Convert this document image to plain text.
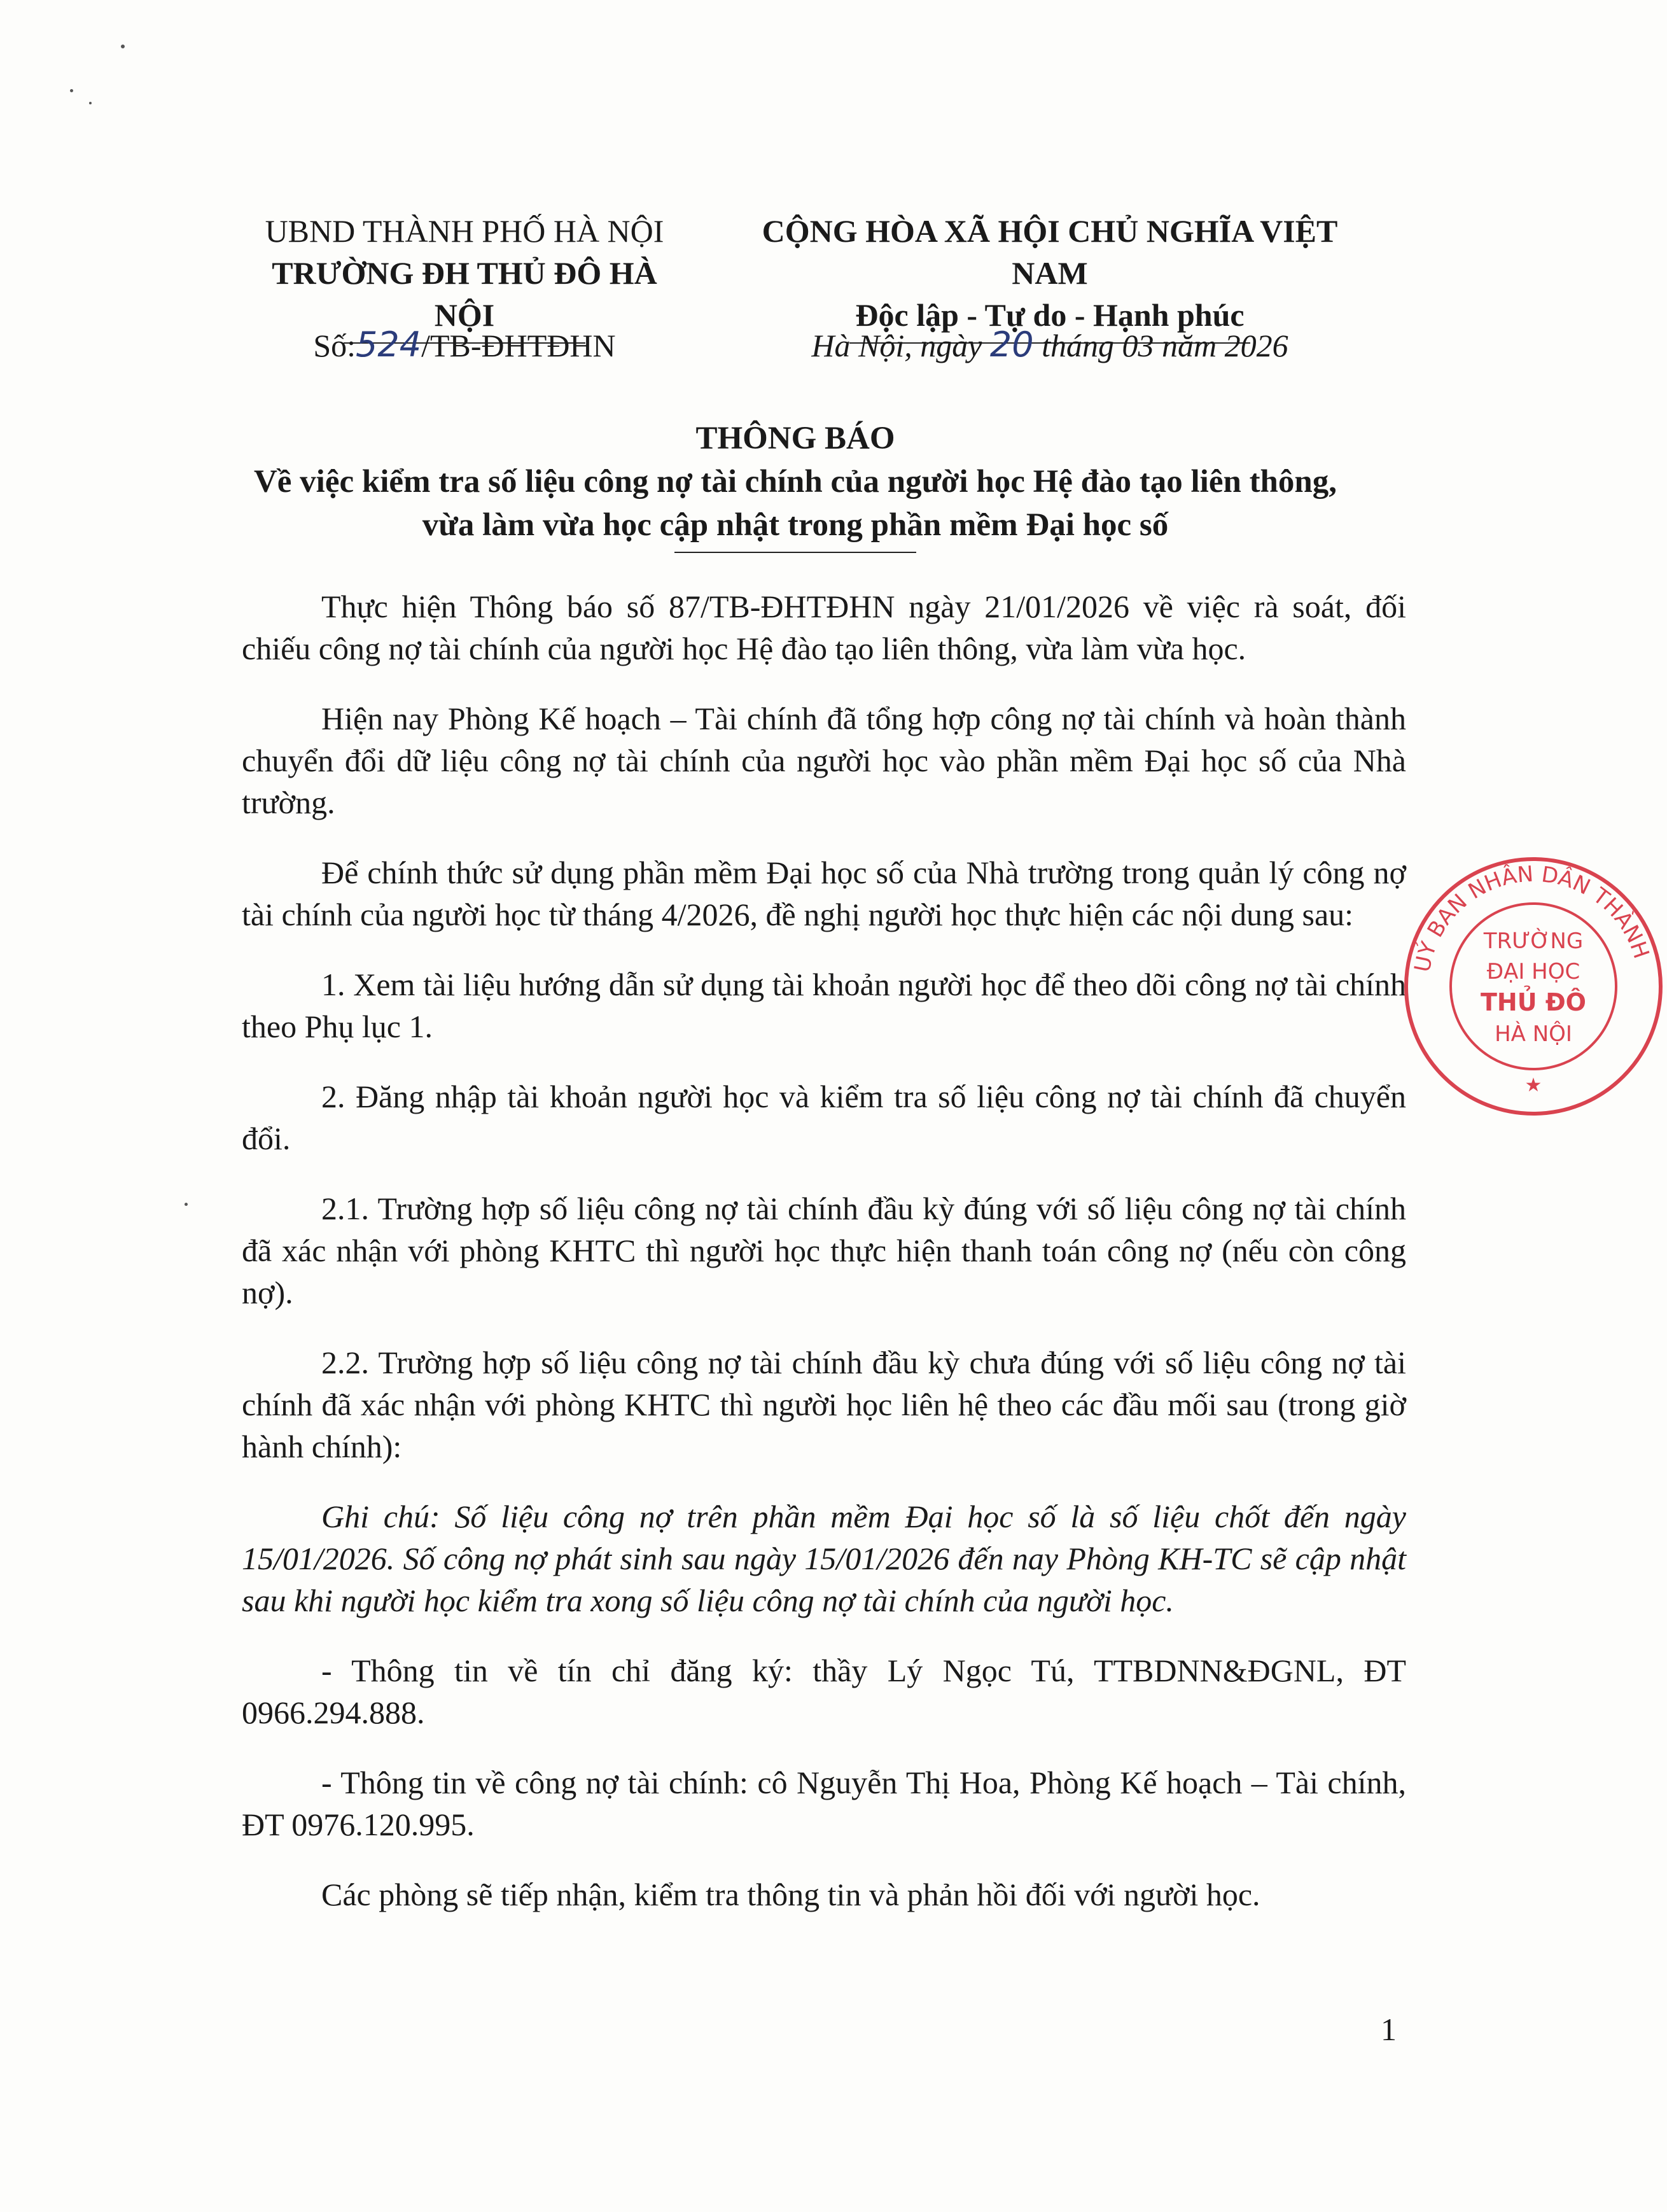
UBND THÀNH PHỐ HÀ NỘI
TRƯỜNG ĐH THỦ ĐÔ HÀ NỘI
CỘNG HÒA XÃ HỘI CHỦ NGHĨA VIỆT NAM
Độc lập - Tự do - Hạnh phúc
Số:524/TB-ĐHTĐHN	Hà Nội, ngày 20 tháng 03 năm 2026
THÔNG BÁO
Về việc kiểm tra số liệu công nợ tài chính của người học Hệ đào tạo liên thông,
vừa làm vừa học cập nhật trong phần mềm Đại học số

Thực hiện Thông báo số 87/TB-ĐHTĐHN ngày 21/01/2026 về việc rà soát, đối chiếu công nợ tài chính của người học Hệ đào tạo liên thông, vừa làm vừa học.

Hiện nay Phòng Kế hoạch – Tài chính đã tổng hợp công nợ tài chính và hoàn thành chuyển đổi dữ liệu công nợ tài chính của người học vào phần mềm Đại học số của Nhà trường.

Để chính thức sử dụng phần mềm Đại học số của Nhà trường trong quản lý công nợ tài chính của người học từ tháng 4/2026, đề nghị người học thực hiện các nội dung sau:

1. Xem tài liệu hướng dẫn sử dụng tài khoản người học để theo dõi công nợ tài chính theo Phụ lục 1.

2. Đăng nhập tài khoản người học và kiểm tra số liệu công nợ tài chính đã chuyển đổi.

2.1. Trường hợp số liệu công nợ tài chính đầu kỳ đúng với số liệu công nợ tài chính đã xác nhận với phòng KHTC thì người học thực hiện thanh toán công nợ (nếu còn công nợ).

2.2. Trường hợp số liệu công nợ tài chính đầu kỳ chưa đúng với số liệu công nợ tài chính đã xác nhận với phòng KHTC thì người học liên hệ theo các đầu mối sau (trong giờ hành chính):

Ghi chú: Số liệu công nợ trên phần mềm Đại học số là số liệu chốt đến ngày 15/01/2026. Số công nợ phát sinh sau ngày 15/01/2026 đến nay Phòng KH-TC sẽ cập nhật sau khi người học kiểm tra xong số liệu công nợ tài chính của người học.

- Thông tin về tín chỉ đăng ký: thầy Lý Ngọc Tú, TTBDNN&ĐGNL, ĐT 0966.294.888.

- Thông tin về công nợ tài chính: cô Nguyễn Thị Hoa, Phòng Kế hoạch – Tài chính, ĐT 0976.120.995.

Các phòng sẽ tiếp nhận, kiểm tra thông tin và phản hồi đối với người học.

1
UỶ BAN NHÂN DÂN THÀNH
TRƯỜNG
ĐẠI HỌC
THỦ ĐÔ
HÀ NỘI
★
